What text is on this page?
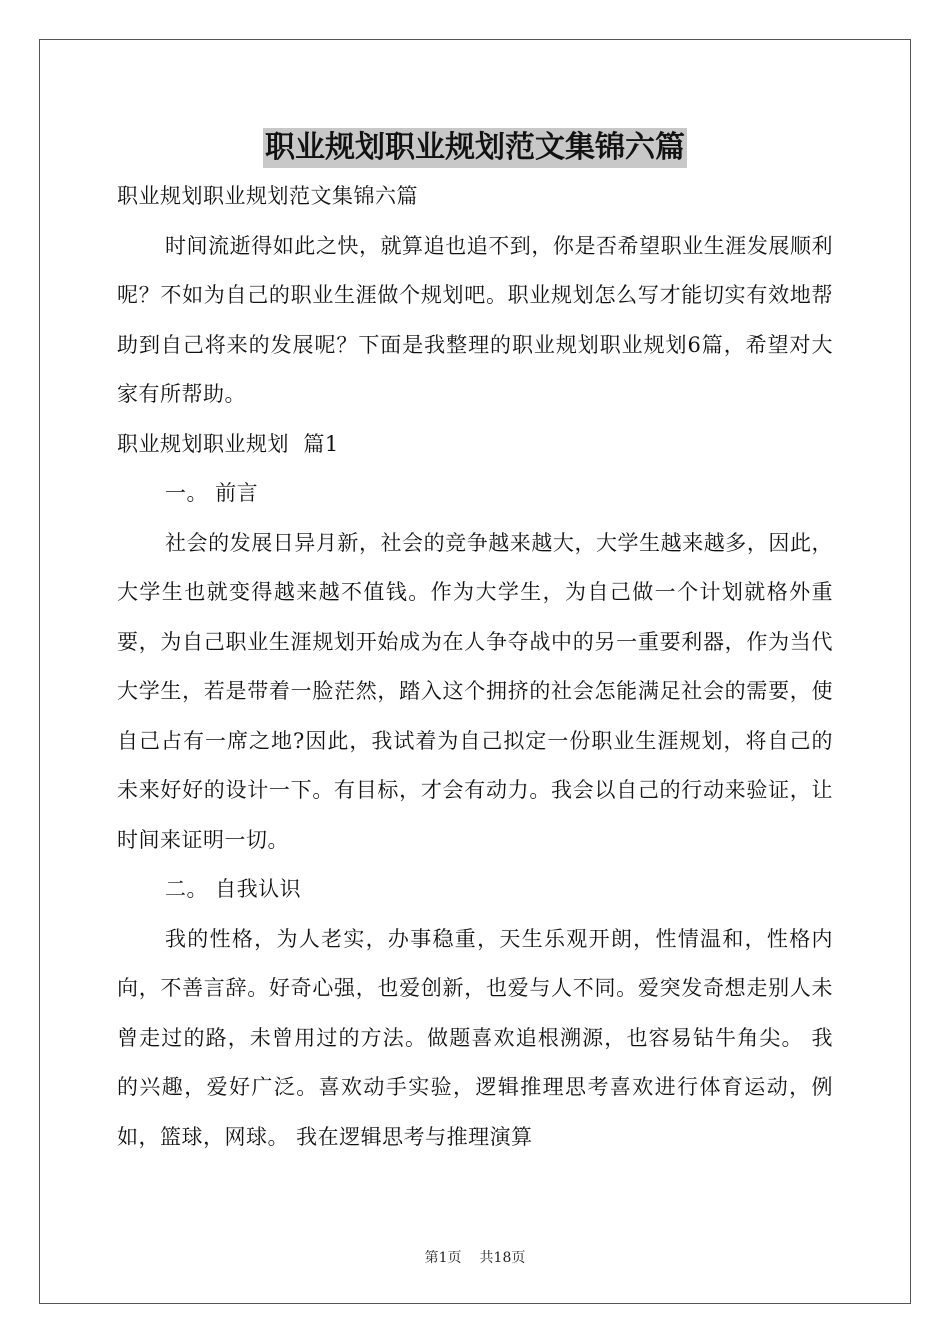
职业规划职业规划范文集锦六篇
职业规划职业规划范文集锦六篇

时间流逝得如此之快，就算追也追不到，你是否希望职业生涯发展顺利呢？不如为自己的职业生涯做个规划吧。职业规划怎么写才能切实有效地帮助到自己将来的发展呢？下面是我整理的职业规划职业规划6篇，希望对大家有所帮助。

职业规划职业规划  篇1
一。 前言

社会的发展日异月新，社会的竞争越来越大，大学生越来越多，因此，大学生也就变得越来越不值钱。作为大学生，为自己做一个计划就格外重要，为自己职业生涯规划开始成为在人争夺战中的另一重要利器，作为当代大学生，若是带着一脸茫然，踏入这个拥挤的社会怎能满足社会的需要，使自己占有一席之地?因此，我试着为自己拟定一份职业生涯规划，将自己的未来好好的设计一下。有目标，才会有动力。我会以自己的行动来验证，让时间来证明一切。

二。 自我认识

我的性格，为人老实，办事稳重，天生乐观开朗，性情温和，性格内向，不善言辞。好奇心强，也爱创新，也爱与人不同。爱突发奇想走别人未曾走过的路，未曾用过的方法。做题喜欢追根溯源，也容易钻牛角尖。 我的兴趣，爱好广泛。喜欢动手实验，逻辑推理思考喜欢进行体育运动，例如，篮球，网球。 我在逻辑思考与推理演算

第1页 共18页
